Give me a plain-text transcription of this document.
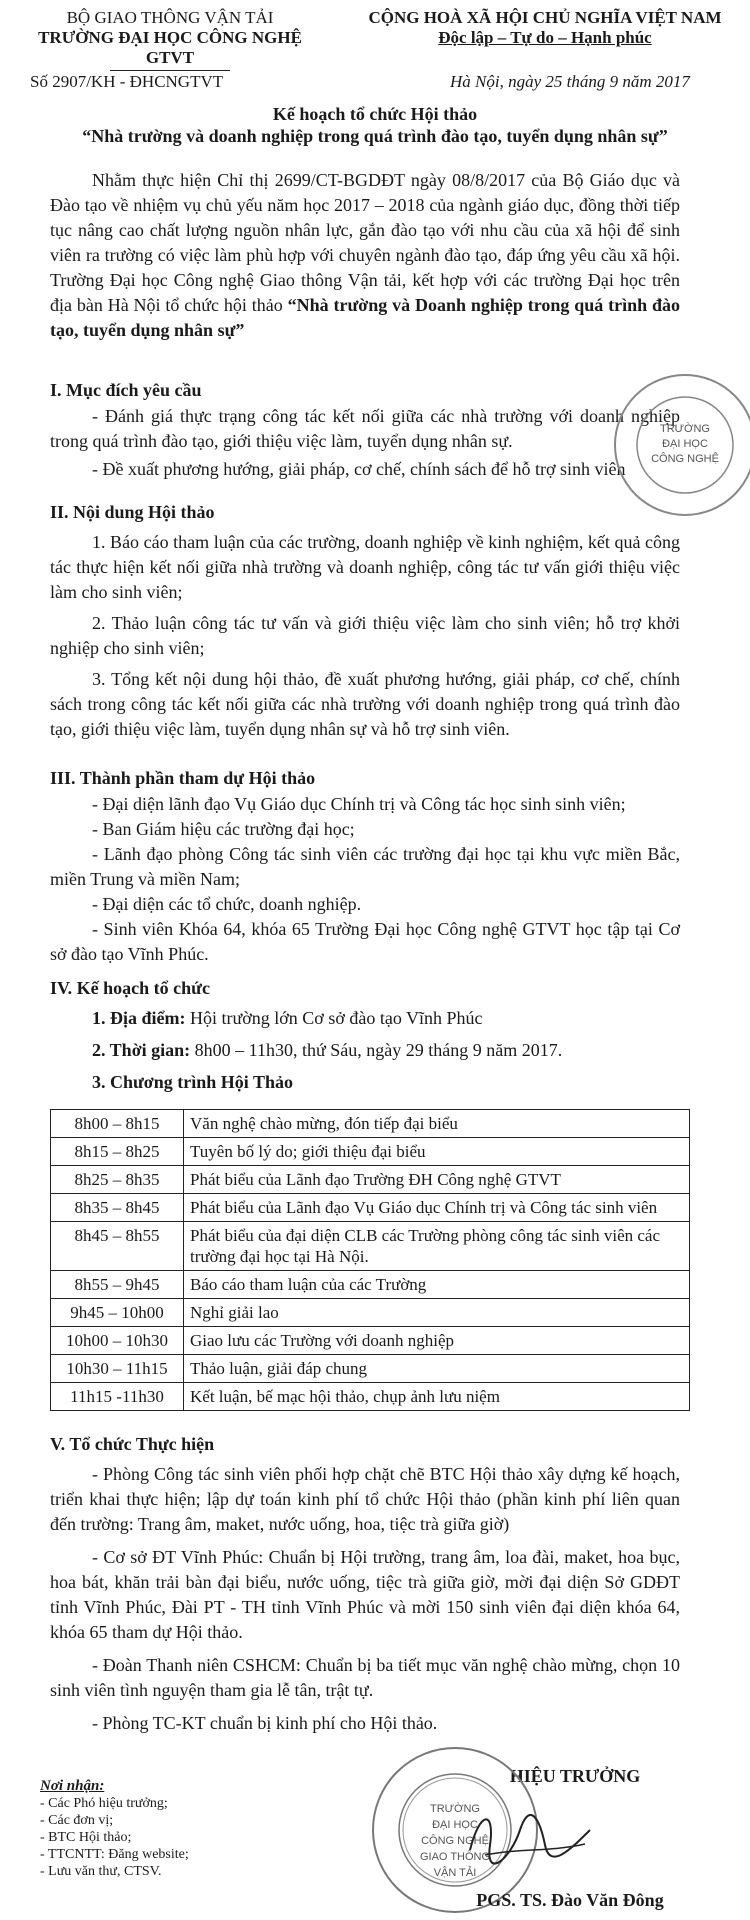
BỘ GIAO THÔNG VẬN TẢI
TRƯỜNG ĐẠI HỌC CÔNG NGHỆ GTVT
CỘNG HOÀ XÃ HỘI CHỦ NGHĨA VIỆT NAM
Độc lập – Tự do – Hạnh phúc
Số 2907/KH - ĐHCNGTVT	Hà Nội, ngày 25 tháng 9 năm 2017
Kế hoạch tổ chức Hội thảo
“Nhà trường và doanh nghiệp trong quá trình đào tạo, tuyển dụng nhân sự”

Nhằm thực hiện Chỉ thị 2699/CT-BGDĐT ngày 08/8/2017 của Bộ Giáo dục và Đào tạo về nhiệm vụ chủ yếu năm học 2017 – 2018 của ngành giáo dục, đồng thời tiếp tục nâng cao chất lượng nguồn nhân lực, gắn đào tạo với nhu cầu của xã hội để sinh viên ra trường có việc làm phù hợp với chuyên ngành đào tạo, đáp ứng yêu cầu xã hội. Trường Đại học Công nghệ Giao thông Vận tải, kết hợp với các trường Đại học trên địa bàn Hà Nội tổ chức hội thảo “Nhà trường và Doanh nghiệp trong quá trình đào tạo, tuyển dụng nhân sự”

I. Mục đích yêu cầu

- Đánh giá thực trạng công tác kết nối giữa các nhà trường với doanh nghiệp trong quá trình đào tạo, giới thiệu việc làm, tuyển dụng nhân sự.

- Đề xuất phương hướng, giải pháp, cơ chế, chính sách để hỗ trợ sinh viên

II. Nội dung Hội thảo

1. Báo cáo tham luận của các trường, doanh nghiệp về kinh nghiệm, kết quả công tác thực hiện kết nối giữa nhà trường và doanh nghiệp, công tác tư vấn giới thiệu việc làm cho sinh viên;

2. Thảo luận công tác tư vấn và giới thiệu việc làm cho sinh viên; hỗ trợ khởi nghiệp cho sinh viên;

3. Tổng kết nội dung hội thảo, đề xuất phương hướng, giải pháp, cơ chế, chính sách trong công tác kết nối giữa các nhà trường với doanh nghiệp trong quá trình đào tạo, giới thiệu việc làm, tuyển dụng nhân sự và hỗ trợ sinh viên.

III. Thành phần tham dự Hội thảo

- Đại diện lãnh đạo Vụ Giáo dục Chính trị và Công tác học sinh sinh viên;

- Ban Giám hiệu các trường đại học;

- Lãnh đạo phòng Công tác sinh viên các trường đại học tại khu vực miền Bắc, miền Trung và miền Nam;

- Đại diện các tổ chức, doanh nghiệp.

- Sinh viên Khóa 64, khóa 65 Trường Đại học Công nghệ GTVT học tập tại Cơ sở đào tạo Vĩnh Phúc.

IV. Kế hoạch tổ chức
1. Địa điểm: Hội trường lớn Cơ sở đào tạo Vĩnh Phúc
2. Thời gian: 8h00 – 11h30, thứ Sáu, ngày 29 tháng 9 năm 2017.
3. Chương trình Hội Thảo
8h00 – 8h15	Văn nghệ chào mừng, đón tiếp đại biểu
8h15 – 8h25	Tuyên bố lý do; giới thiệu đại biểu
8h25 – 8h35	Phát biểu của Lãnh đạo Trường ĐH Công nghệ GTVT
8h35 – 8h45	Phát biểu của Lãnh đạo Vụ Giáo dục Chính trị và Công tác sinh viên
8h45 – 8h55	Phát biểu của đại diện CLB các Trường phòng công tác sinh viên các trường đại học tại Hà Nội.
8h55 – 9h45	Báo cáo tham luận của các Trường
9h45 – 10h00	Nghỉ giải lao
10h00 – 10h30	Giao lưu các Trường với doanh nghiệp
10h30 – 11h15	Thảo luận, giải đáp chung
11h15 -11h30	Kết luận, bế mạc hội thảo, chụp ảnh lưu niệm
V. Tổ chức Thực hiện

- Phòng Công tác sinh viên phối hợp chặt chẽ BTC Hội thảo xây dựng kế hoạch, triển khai thực hiện; lập dự toán kinh phí tổ chức Hội thảo (phần kinh phí liên quan đến trường: Trang âm, maket, nước uống, hoa, tiệc trà giữa giờ)

- Cơ sở ĐT Vĩnh Phúc: Chuẩn bị Hội trường, trang âm, loa đài, maket, hoa bục, hoa bát, khăn trải bàn đại biểu, nước uống, tiệc trà giữa giờ, mời đại diện Sở GDĐT tỉnh Vĩnh Phúc, Đài PT - TH tỉnh Vĩnh Phúc và mời 150 sinh viên đại diện khóa 64, khóa 65 tham dự Hội thảo.

- Đoàn Thanh niên CSHCM: Chuẩn bị ba tiết mục văn nghệ chào mừng, chọn 10 sinh viên tình nguyện tham gia lễ tân, trật tự.

- Phòng TC-KT chuẩn bị kinh phí cho Hội thảo.

Nơi nhận:
- Các Phó hiệu trưởng;
- Các đơn vị;
- BTC Hội thảo;
- TTCNTT: Đăng website;
- Lưu văn thư, CTSV.
HIỆU TRƯỞNG
TRƯỜNG
ĐẠI HỌC
CÔNG NGHỆ
GIAO THÔNG
VẬN TẢI
TRƯỜNG
ĐẠI HỌC
CÔNG NGHỆ
PGS. TS. Đào Văn Đông
